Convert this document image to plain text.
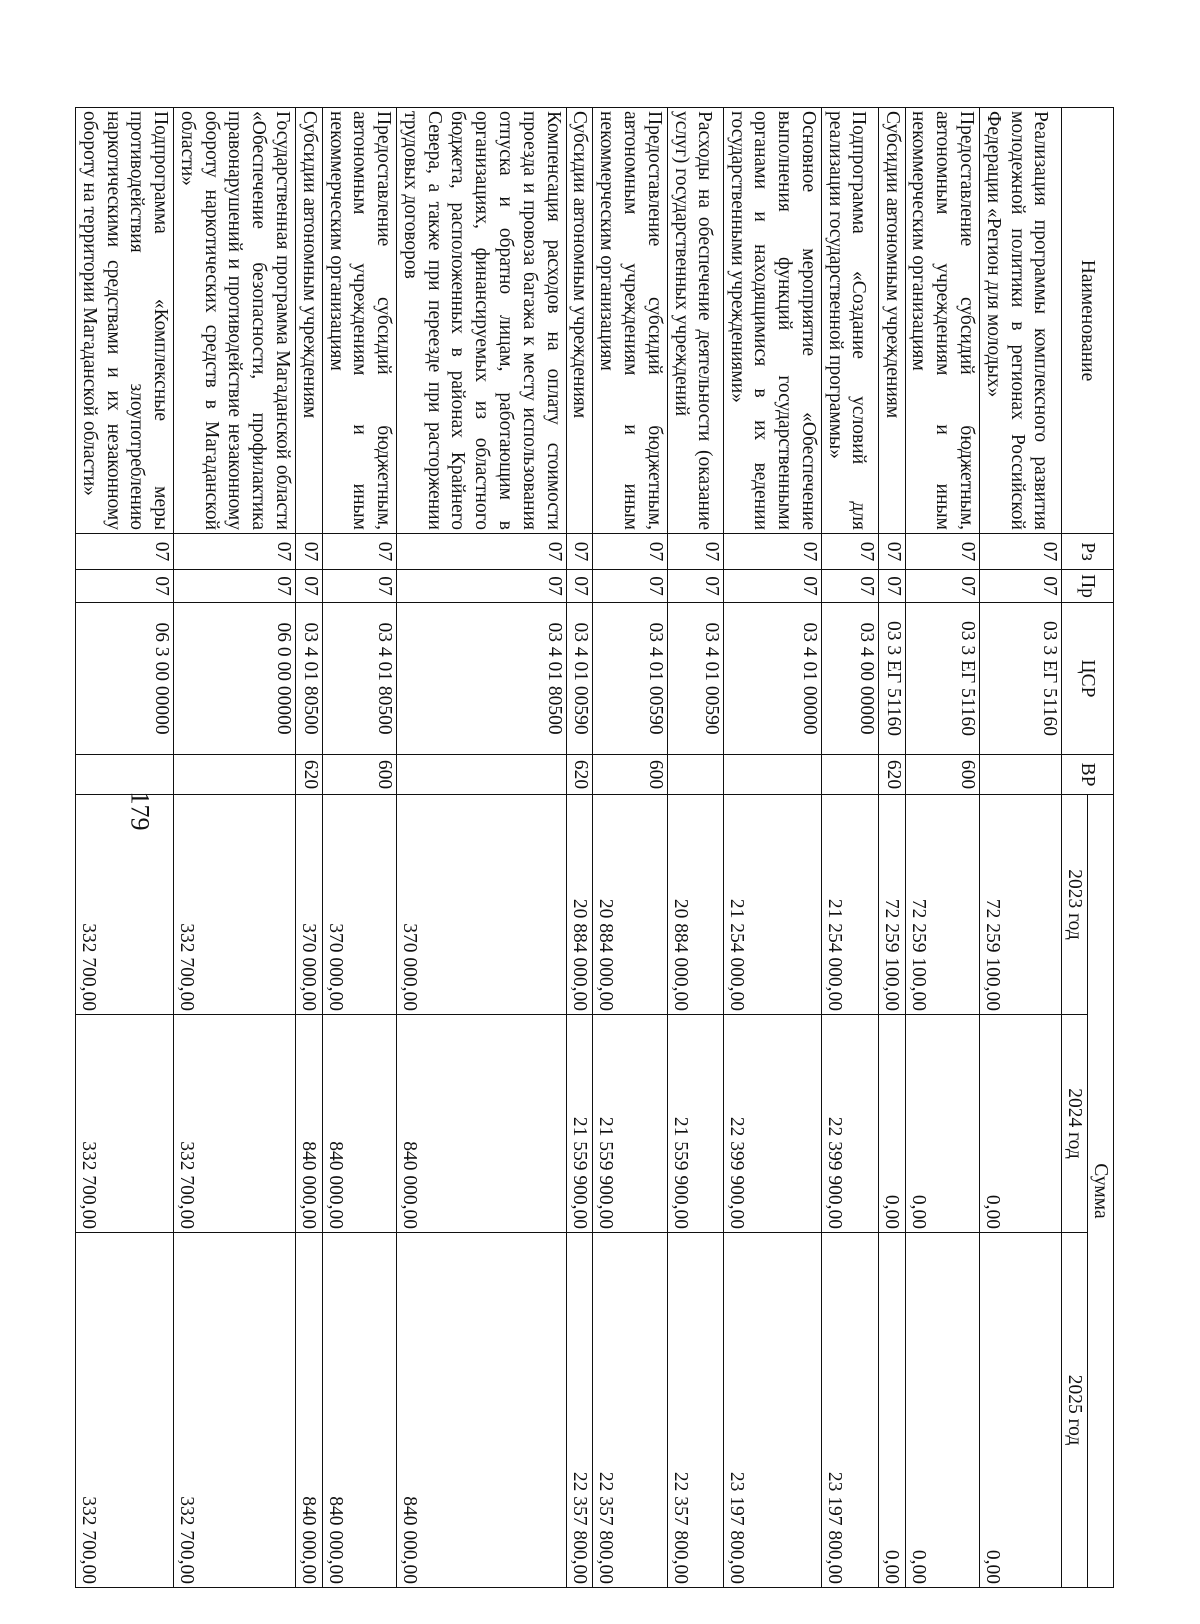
179
Наименование	Рз	Пр	ЦСР	ВР	Сумма		
					2023 год	2024 год	2025 год
Реализация программы комплексного развития молодежной политики в регионах Российской Федерации «Регион для молодых»	07	07	03 3 ЕГ 51160		72 259 100,00	0,00	0,00
Предоставление субсидий бюджетным, автономным учреждениям и иным некоммерческим организациям	07	07	03 3 ЕГ 51160	600	72 259 100,00	0,00	0,00
Субсидии автономным учреждениям	07	07	03 3 ЕГ 51160	620	72 259 100,00	0,00	0,00
Подпрограмма «Создание условий для реализации государственной программы»	07	07	03 4 00 00000		21 254 000,00	22 399 900,00	23 197 800,00
Основное мероприятие «Обеспечение выполнения функций государственными органами и находящимися в их ведении государственными учреждениями»	07	07	03 4 01 00000		21 254 000,00	22 399 900,00	23 197 800,00
Расходы на обеспечение деятельности (оказание услуг) государственных учреждений	07	07	03 4 01 00590		20 884 000,00	21 559 900,00	22 357 800,00
Предоставление субсидий бюджетным, автономным учреждениям и иным некоммерческим организациям	07	07	03 4 01 00590	600	20 884 000,00	21 559 900,00	22 357 800,00
Субсидии автономным учреждениям	07	07	03 4 01 00590	620	20 884 000,00	21 559 900,00	22 357 800,00
Компенсация расходов на оплату стоимости проезда и провоза багажа к месту использования отпуска и обратно лицам, работающим в организациях, финансируемых из областного бюджета, расположенных в районах Крайнего Севера, а также при переезде при расторжении трудовых договоров	07	07	03 4 01 80500		370 000,00	840 000,00	840 000,00
Предоставление субсидий бюджетным, автономным учреждениям и иным некоммерческим организациям	07	07	03 4 01 80500	600	370 000,00	840 000,00	840 000,00
Субсидии автономным учреждениям	07	07	03 4 01 80500	620	370 000,00	840 000,00	840 000,00
Государственная программа Магаданской области «Обеспечение безопасности, профилактика правонарушений и противодействие незаконному обороту наркотических средств в Магаданской области»	07	07	06 0 00 00000		332 700,00	332 700,00	332 700,00
Подпрограмма «Комплексные меры противодействия злоупотреблению наркотическими средствами и их незаконному обороту на территории Магаданской области»	07	07	06 3 00 00000		332 700,00	332 700,00	332 700,00
